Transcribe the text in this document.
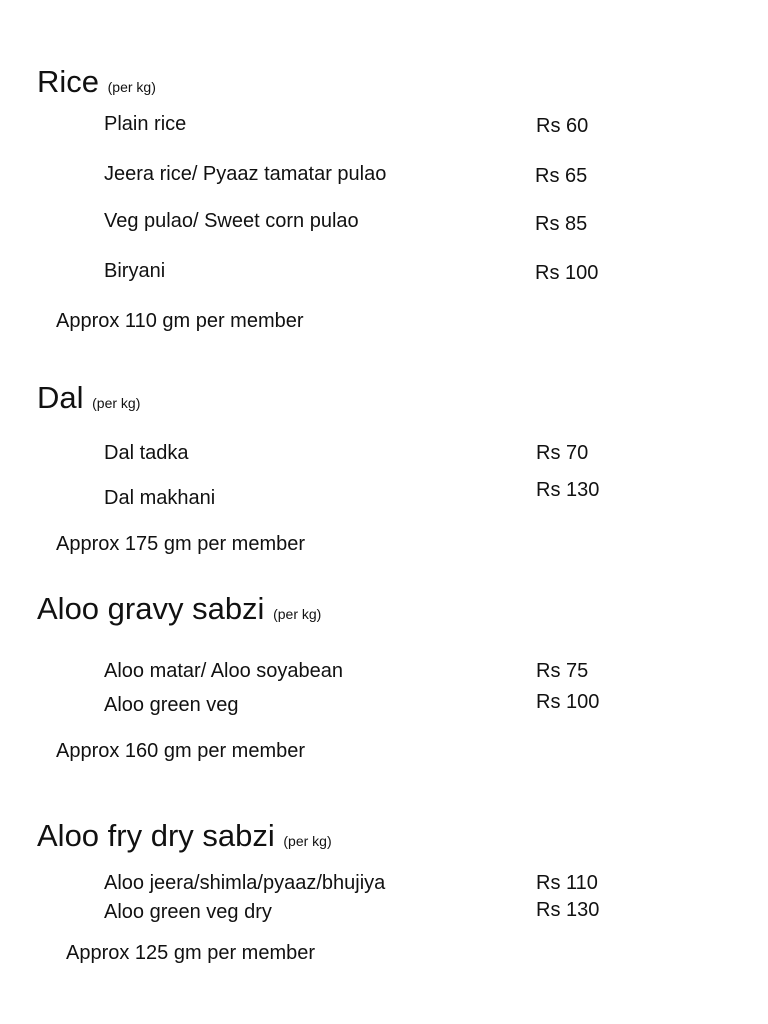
Rice (per kg)
Plain rice	Rs 60
Jeera rice/ Pyaaz tamatar pulao	Rs 65
Veg pulao/ Sweet corn pulao	Rs 85
Biryani	Rs 100
Approx 110 gm per member
Dal (per kg)
Dal tadka	Rs 70
Dal makhani	Rs 130
Approx 175 gm per member
Aloo gravy sabzi (per kg)
Aloo matar/ Aloo soyabean	Rs 75
Aloo green veg	Rs 100
Approx 160 gm per member
Aloo fry dry sabzi (per kg)
Aloo jeera/shimla/pyaaz/bhujiya	Rs 110
Aloo green veg dry	Rs 130
Approx 125 gm per member
